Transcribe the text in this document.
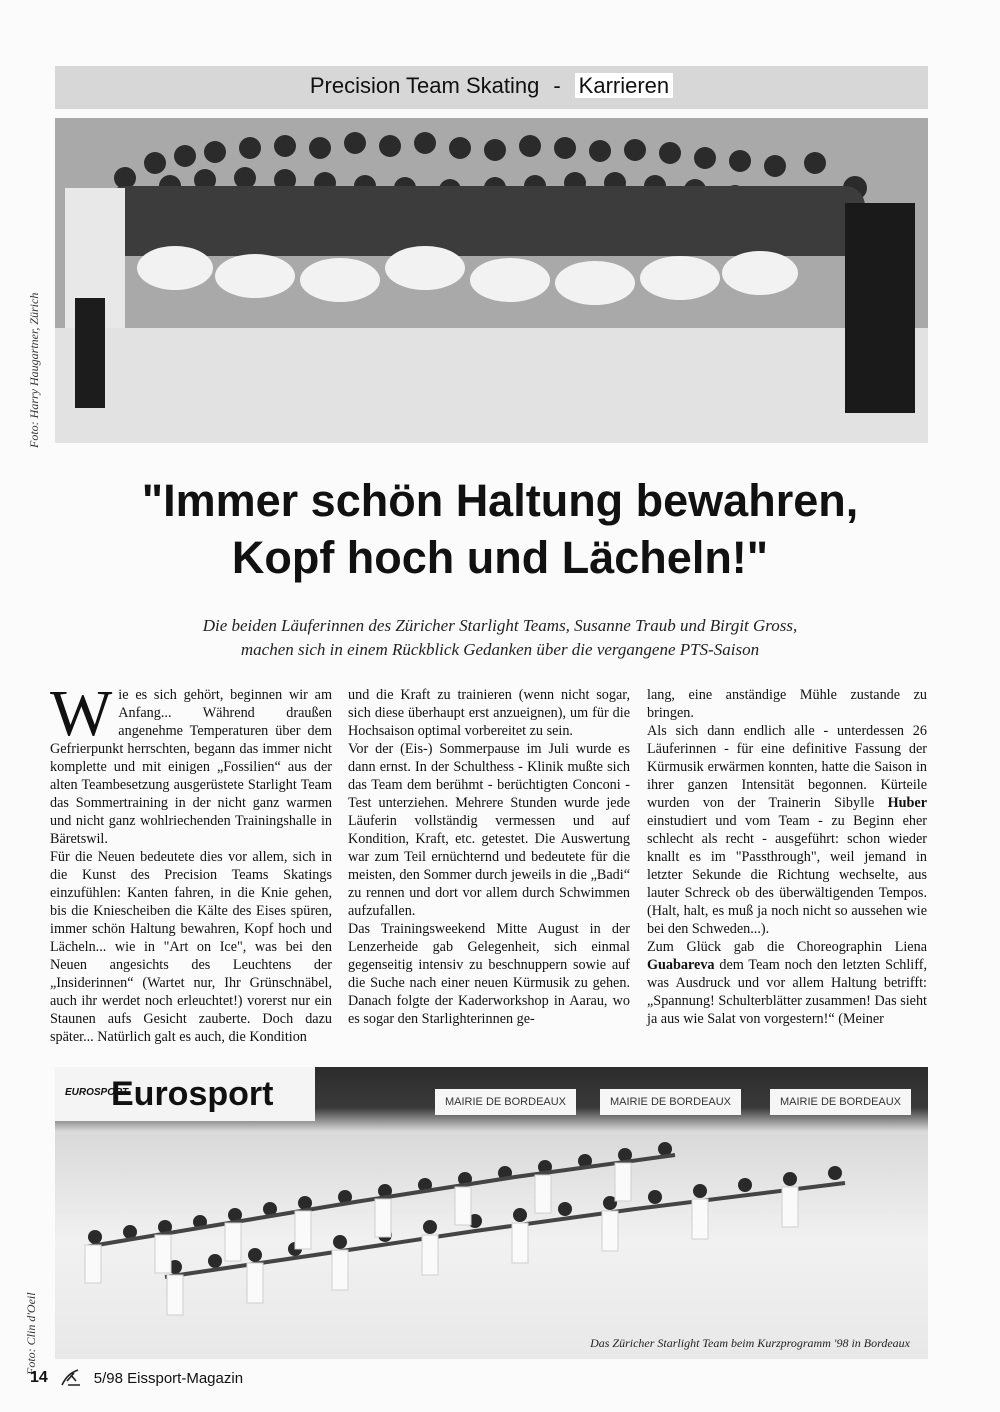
Precision Team Skating - Karrieren
Foto: Harry Haugartner, Zürich
"Immer schön Haltung bewahren,
Kopf hoch und Lächeln!"
Die beiden Läuferinnen des Züricher Starlight Teams, Susanne Traub und Birgit Gross,
machen sich in einem Rückblick Gedanken über die vergangene PTS-Saison

Wie es sich gehört, beginnen wir am Anfang... Während draußen angenehme Temperaturen über dem Gefrierpunkt herrschten, begann das immer nicht komplette und mit einigen „Fossilien“ aus der alten Teambesetzung ausgerüstete Starlight Team das Sommertraining in der nicht ganz warmen und nicht ganz wohlriechenden Trainingshalle in Bäretswil.

Für die Neuen bedeutete dies vor allem, sich in die Kunst des Precision Teams Skatings einzufühlen: Kanten fahren, in die Knie gehen, bis die Kniescheiben die Kälte des Eises spüren, immer schön Haltung bewahren, Kopf hoch und Lächeln... wie in "Art on Ice", was bei den Neuen angesichts des Leuchtens der „Insiderinnen“ (Wartet nur, Ihr Grünschnäbel, auch ihr werdet noch erleuchtet!) vorerst nur ein Staunen aufs Gesicht zauberte. Doch dazu später... Natürlich galt es auch, die Kondition

und die Kraft zu trainieren (wenn nicht sogar, sich diese überhaupt erst anzueignen), um für die Hochsaison optimal vorbereitet zu sein.

Vor der (Eis-) Sommerpause im Juli wurde es dann ernst. In der Schulthess - Klinik mußte sich das Team dem berühmt - berüchtigten Conconi - Test unterziehen. Mehrere Stunden wurde jede Läuferin vollständig vermessen und auf Kondition, Kraft, etc. getestet. Die Auswertung war zum Teil ernüchternd und bedeutete für die meisten, den Sommer durch jeweils in die „Badi“ zu rennen und dort vor allem durch Schwimmen aufzufallen.

Das Trainingsweekend Mitte August in der Lenzerheide gab Gelegenheit, sich einmal gegenseitig intensiv zu beschnuppern sowie auf die Suche nach einer neuen Kürmusik zu gehen. Danach folgte der Kaderworkshop in Aarau, wo es sogar den Starlighterinnen ge-

lang, eine anständige Mühle zustande zu bringen.

Als sich dann endlich alle - unterdessen 26 Läuferinnen - für eine definitive Fassung der Kürmusik erwärmen konnten, hatte die Saison in ihrer ganzen Intensität begonnen. Kürteile wurden von der Trainerin Sibylle Huber einstudiert und vom Team - zu Beginn eher schlecht als recht - ausgeführt: schon wieder knallt es im "Passthrough", weil jemand in letzter Sekunde die Richtung wechselte, aus lauter Schreck ob des überwältigenden Tempos. (Halt, halt, es muß ja noch nicht so aussehen wie bei den Schweden...).

Zum Glück gab die Choreographin Liena Guabareva dem Team noch den letzten Schliff, was Ausdruck und vor allem Haltung betrifft: „Spannung! Schulterblätter zusammen! Das sieht ja aus wie Salat von vorgestern!“ (Meiner

EUROSPORT
Eurosport	MAIRIE DE BORDEAUX	MAIRIE DE BORDEAUX	MAIRIE DE BORDEAUX
Foto: Clin d'Oeil	Das Züricher Starlight Team beim Kurzprogramm '98 in Bordeaux
14	5/98 Eissport-Magazin
